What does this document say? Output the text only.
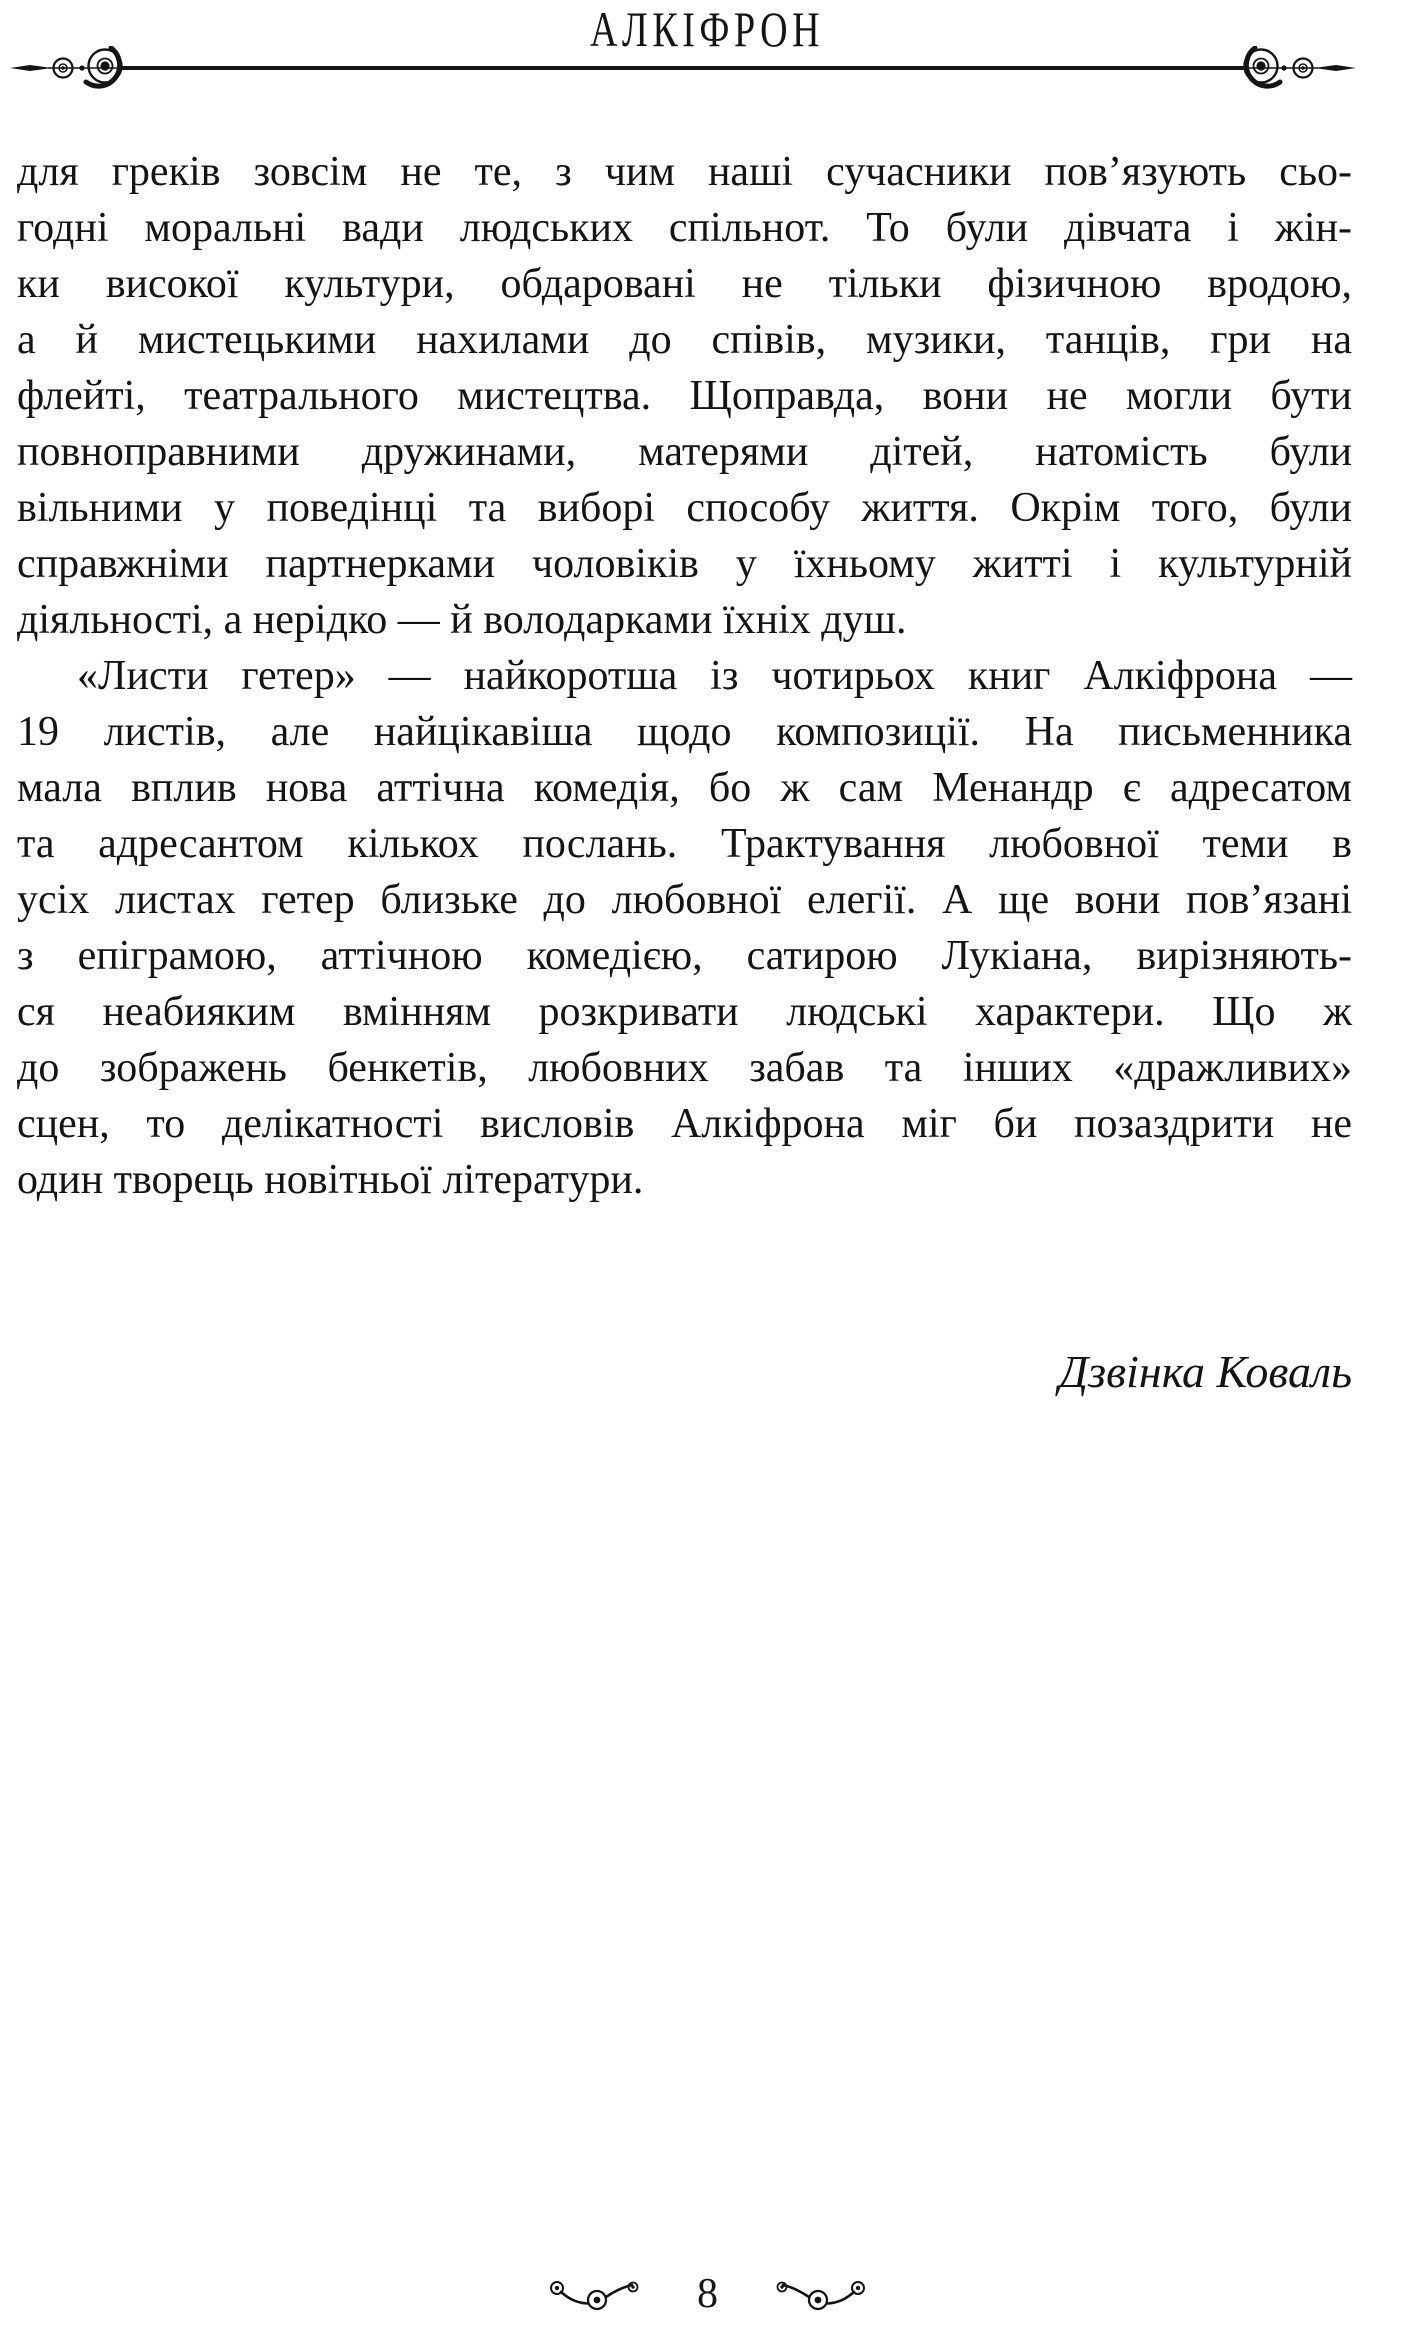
АЛКІФРОН
для греків зовсім не те, з чим наші сучасники пов’язують сьо-
годні моральні вади людських спільнот. То були дівчата і жін-
ки високої культури, обдаровані не тільки фізичною вродою,
а й мистецькими нахилами до співів, музики, танців, гри на
флейті, театрального мистецтва. Щоправда, вони не могли бути
повноправними дружинами, матерями дітей, натомість були
вільними у поведінці та виборі способу життя. Окрім того, були
справжніми партнерками чоловіків у їхньому житті і культурній
діяльності, а нерідко — й володарками їхніх душ.
«Листи гетер» — найкоротша із чотирьох книг Алкіфрона —
19 листів, але найцікавіша щодо композиції. На письменника
мала вплив нова аттічна комедія, бо ж сам Менандр є адресатом
та адресантом кількох послань. Трактування любовної теми в
усіх листах гетер близьке до любовної елегії. А ще вони пов’язані
з епіграмою, аттічною комедією, сатирою Лукіана, вирізняють-
ся неабияким вмінням розкривати людські характери. Що ж
до зображень бенкетів, любовних забав та інших «дражливих»
сцен, то делікатності висловів Алкіфрона міг би позаздрити не
один творець новітньої літератури.
Дзвінка Коваль
8
